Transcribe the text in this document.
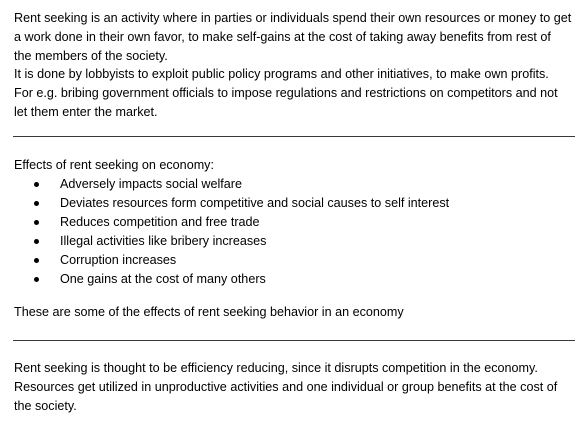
Rent seeking is an activity where in parties or individuals spend their own resources or money to get
a work done in their own favor, to make self-gains at the cost of taking away benefits from rest of
the members of the society.
It is done by lobbyists to exploit public policy programs and other initiatives, to make own profits.
For e.g. bribing government officials to impose regulations and restrictions on competitors and not
let them enter the market.
Effects of rent seeking on economy:
Adversely impacts social welfare
Deviates resources form competitive and social causes to self interest
Reduces competition and free trade
Illegal activities like bribery increases
Corruption increases
One gains at the cost of many others
These are some of the effects of rent seeking behavior in an economy
Rent seeking is thought to be efficiency reducing, since it disrupts competition in the economy.
Resources get utilized in unproductive activities and one individual or group benefits at the cost of
the society.
